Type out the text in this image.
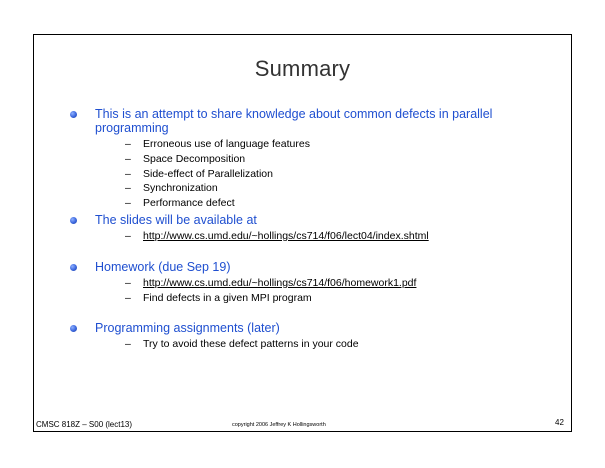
Summary
This is an attempt to share knowledge about common defects in parallel programming
– Erroneous use of language features
– Space Decomposition
– Side-effect of Parallelization
– Synchronization
– Performance defect
The slides will be available at
– http://www.cs.umd.edu/~hollings/cs714/f06/lect04/index.shtml
Homework (due Sep 19)
– http://www.cs.umd.edu/~hollings/cs714/f06/homework1.pdf
– Find defects in a given MPI program
Programming assignments (later)
– Try to avoid these defect patterns in your code
CMSC 818Z – S00 (lect13)	copyright 2006 Jeffrey K Hollingsworth	42
